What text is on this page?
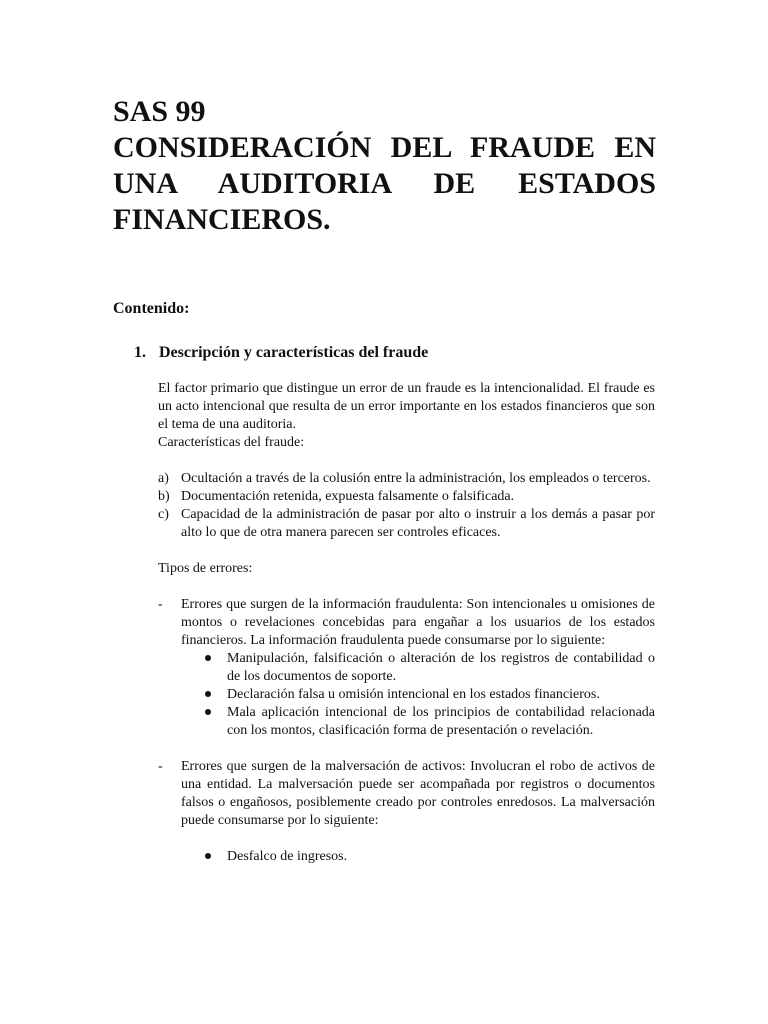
SAS 99
CONSIDERACIÓN DEL FRAUDE EN UNA AUDITORIA DE ESTADOS FINANCIEROS.
Contenido:
1. Descripción y características del fraude

El factor primario que distingue un error de un fraude es la intencionalidad. El fraude es un acto intencional que resulta de un error importante en los estados financieros que son el tema de una auditoria.

Características del fraude:

a) Ocultación a través de la colusión entre la administración, los empleados o terceros.
b) Documentación retenida, expuesta falsamente o falsificada.
c) Capacidad de la administración de pasar por alto o instruir a los demás a pasar por alto lo que de otra manera parecen ser controles eficaces.

Tipos de errores:

- Errores que surgen de la información fraudulenta: Son intencionales u omisiones de montos o revelaciones concebidas para engañar a los usuarios de los estados financieros. La información fraudulenta puede consumarse por lo siguiente:
Manipulación, falsificación o alteración de los registros de contabilidad o de los documentos de soporte.
Declaración falsa u omisión intencional en los estados financieros.
Mala aplicación intencional de los principios de contabilidad relacionada con los montos, clasificación forma de presentación o revelación.
- Errores que surgen de la malversación de activos: Involucran el robo de activos de una entidad. La malversación puede ser acompañada por registros o documentos falsos o engañosos, posiblemente creado por controles enredosos. La malversación puede consumarse por lo siguiente:
Desfalco de ingresos.
